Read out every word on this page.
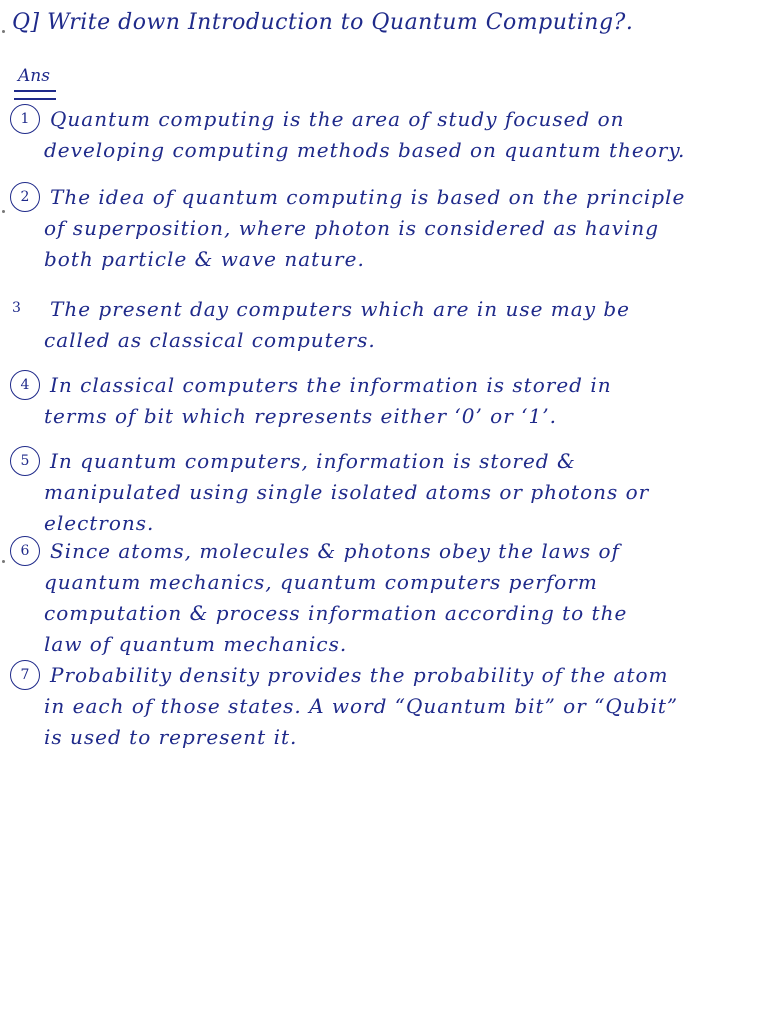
Q] Write down Introduction to Quantum Computing?.
Ans
1	Quantum computing is the area of study focused on
developing computing methods based on quantum theory.
2	The idea of quantum computing is based on the principle
of superposition, where photon is considered as having
both particle & wave nature.
3	The present day computers which are in use may be
called as classical computers.
4	In classical computers the information is stored in
terms of bit which represents either ‘0’ or ‘1’.
5	In quantum computers, information is stored &
manipulated using single isolated atoms or photons or
electrons.
6	Since atoms, molecules & photons obey the laws of
quantum mechanics, quantum computers perform
computation & process information according to the
law of quantum mechanics.
7	Probability density provides the probability of the atom
in each of those states. A word “Quantum bit” or “Qubit”
is used to represent it.
